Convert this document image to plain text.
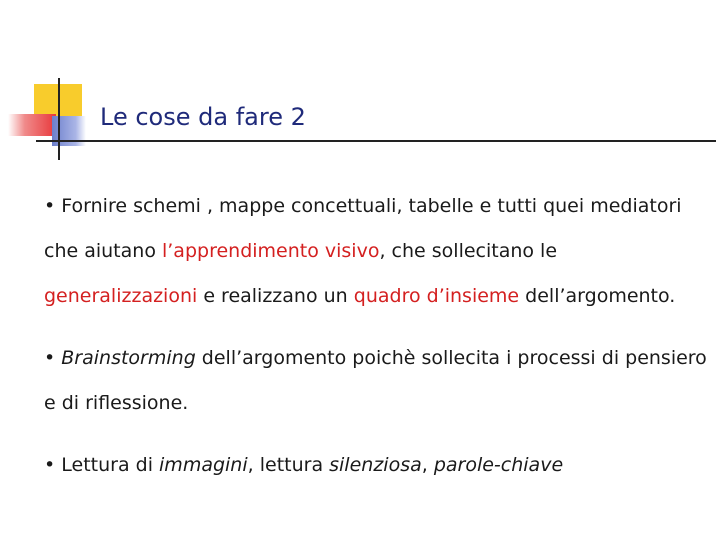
Le cose da fare 2

• Fornire schemi , mappe concettuali, tabelle e tutti quei mediatori che aiutano l’apprendimento visivo, che sollecitano le generalizzazioni e realizzano un quadro d’insieme dell’argomento.

• Brainstorming dell’argomento poichè sollecita i processi di pensiero e di riflessione.

• Lettura di immagini, lettura silenziosa, parole-chiave
